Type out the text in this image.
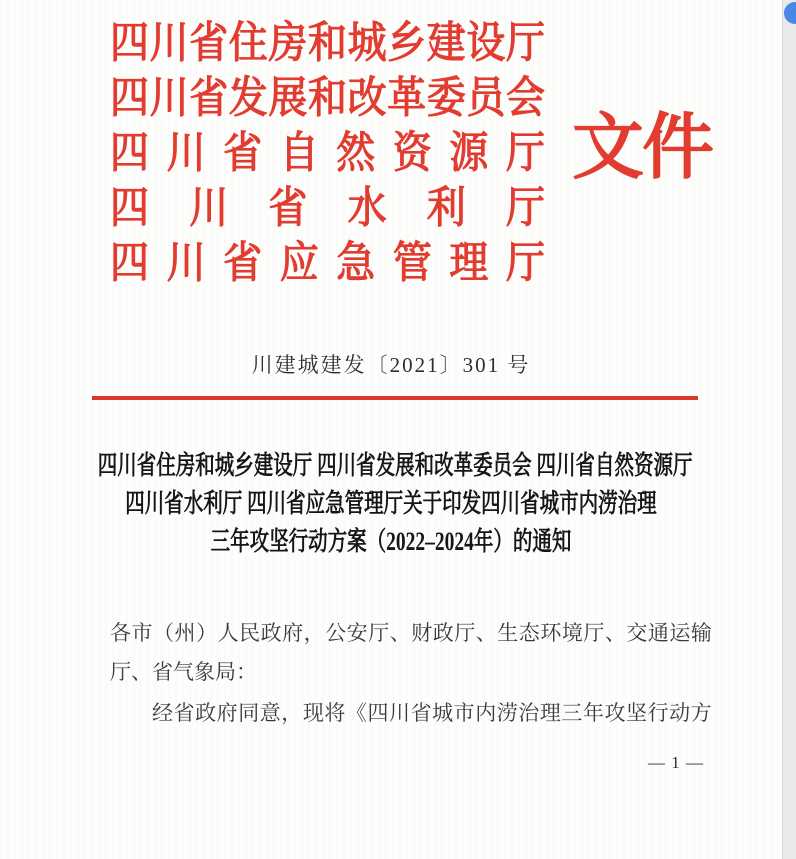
四 川 省 住 房 和 城 乡 建 设 厅
四 川 省 发 展 和 改 革 委 员 会
四 川 省 自 然 资 源 厅
四 川 省 水 利 厅
四 川 省 应 急 管 理 厅
文件
川建城建发〔2021〕301 号
四川省住房和城乡建设厅 四川省发展和改革委员会 四川省自然资源厅
四川省水利厅 四川省应急管理厅关于印发四川省城市内涝治理
三年攻坚行动方案（2022–2024年）的通知
各 市 （ 州 ） 人 民 政 府 ， 公 安 厅 、 财 政 厅 、 生 态 环 境 厅 、 交 通 运 输
厅、省气象局：
经 省 政 府 同 意 ， 现 将 《 四 川 省 城 市 内 涝 治 理 三 年 攻 坚 行 动 方
— 1 —
